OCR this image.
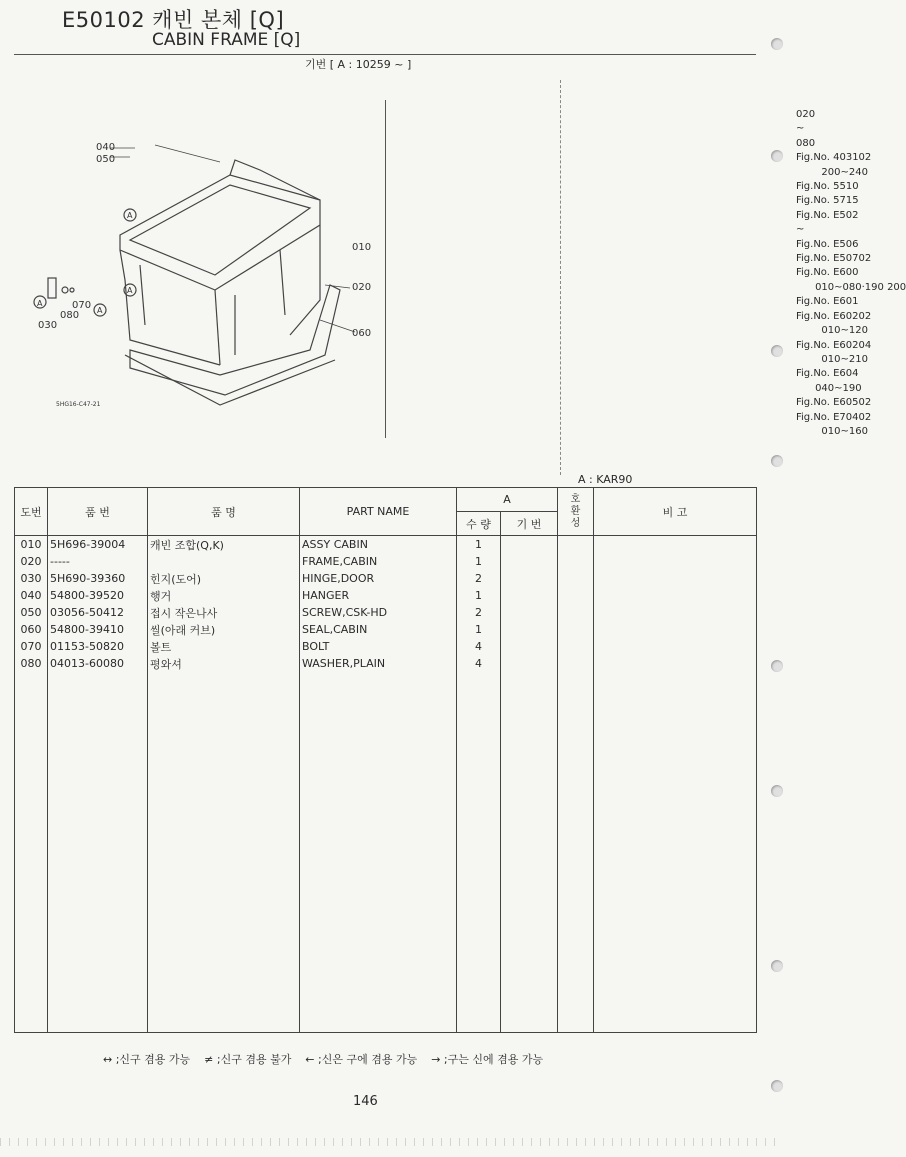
E50102 캐빈 본체 [Q]
CABIN FRAME [Q]
기번 [ A : 10259 ~ ]
040
050
010
020
060
070
080
030
A
A
A
A
5HG16-C47-21
020
~
080
Fig.No. 403102
200~240
Fig.No. 5510
Fig.No. 5715
Fig.No. E502
~
Fig.No. E506
Fig.No. E50702
Fig.No. E600
010~080·190 200
Fig.No. E601
Fig.No. E60202
010~120
Fig.No. E60204
010~210
Fig.No. E604
040~190
Fig.No. E60502
Fig.No. E70402
010~160
A : KAR90
도번	품 번	품 명	PART NAME	A		호환성	비 고
				수 량	기 번		
010	5H696-39004	캐빈 조합(Q,K)	ASSY CABIN	1			
020	-----		FRAME,CABIN	1			
030	5H690-39360	힌지(도어)	HINGE,DOOR	2			
040	54800-39520	행거	HANGER	1			
050	03056-50412	접시 작은나사	SCREW,CSK-HD	2			
060	54800-39410	씰(아래 커브)	SEAL,CABIN	1			
070	01153-50820	볼트	BOLT	4			
080	04013-60080	평와셔	WASHER,PLAIN	4			

↔ ;신구 겸용 가능    ≠ ;신구 겸용 불가    ← ;신은 구에 겸용 가능    → ;구는 신에 겸용 가능
146
